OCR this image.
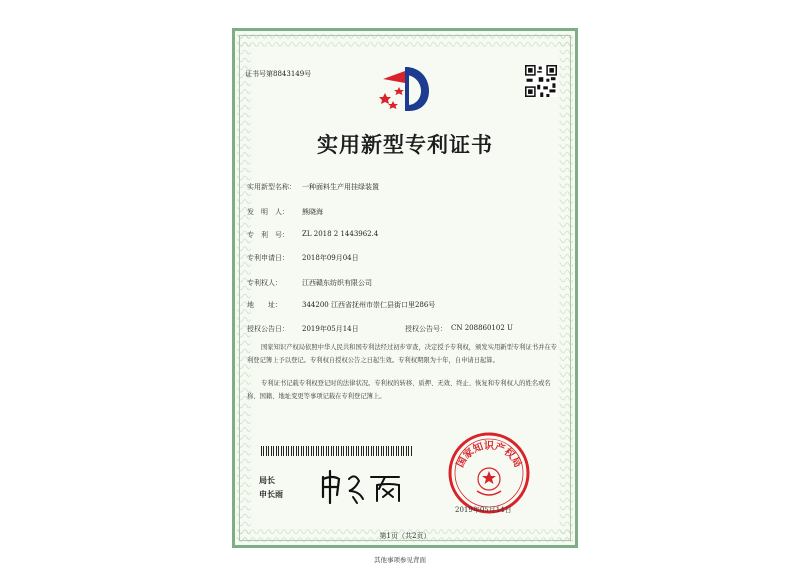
证书号第8843149号
实用新型专利证书
实用新型名称： 一种面料生产用挂绿装置
发　明　人： 熊晓海
专　利　号： ZL 2018 2 1443962.4
专利申请日： 2018年09月04日
专利权人：	江西赣东纺织有限公司
地　　址：	344200 江西省抚州市崇仁县街口里286号
授权公告日： 2019年05月14日	授权公告号： CN 208860102 U
国家知识产权局依照中华人民共和国专利法经过初步审查，决定授予专利权，颁发实用新型专利证书并在专利登记簿上予以登记。专利权自授权公告之日起生效。专利权期限为十年，自申请日起算。
专利证书记载专利权登记时的法律状况。专利权的转移、质押、无效、终止、恢复和专利权人的姓名或名称、国籍、地址变更等事项记载在专利登记簿上。
局长
申长雨
国家知识产权局
2019年05月14日
第1页（共2页）
其他事项参见背面
